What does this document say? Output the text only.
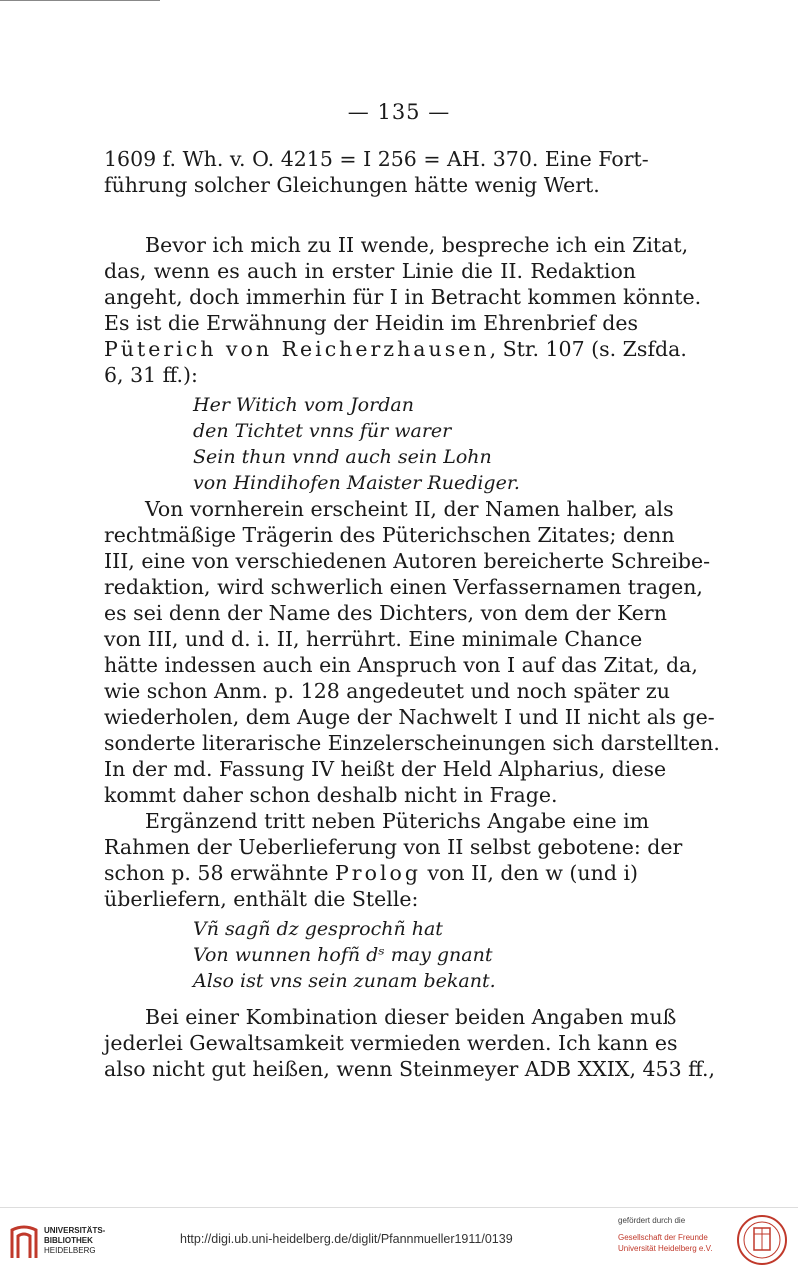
— 135 —
1609 f. Wh. v. O. 4215 = I 256 = AH. 370. Eine Fort-
führung solcher Gleichungen hätte wenig Wert.
Bevor ich mich zu II wende, bespreche ich ein Zitat,
das, wenn es auch in erster Linie die II. Redaktion
angeht, doch immerhin für I in Betracht kommen könnte.
Es ist die Erwähnung der Heidin im Ehrenbrief des
Püterich von Reicherzhausen, Str. 107 (s. Zsfda.
6, 31 ff.):
Her Witich vom Jordan
den Tichtet vnns für warer
Sein thun vnnd auch sein Lohn
von Hindihofen Maister Ruediger.
Von vornherein erscheint II, der Namen halber, als
rechtmäßige Trägerin des Püterichschen Zitates; denn
III, eine von verschiedenen Autoren bereicherte Schreibe-
redaktion, wird schwerlich einen Verfassernamen tragen,
es sei denn der Name des Dichters, von dem der Kern
von III, und d. i. II, herrührt. Eine minimale Chance
hätte indessen auch ein Anspruch von I auf das Zitat, da,
wie schon Anm. p. 128 angedeutet und noch später zu
wiederholen, dem Auge der Nachwelt I und II nicht als ge-
sonderte literarische Einzelerscheinungen sich darstellten.
In der md. Fassung IV heißt der Held Alpharius, diese
kommt daher schon deshalb nicht in Frage.
Ergänzend tritt neben Püterichs Angabe eine im
Rahmen der Ueberlieferung von II selbst gebotene: der
schon p. 58 erwähnte Prolog von II, den w (und i)
überliefern, enthält die Stelle:
Vñ sagñ dz gesprochñ hat
Von wunnen hofñ dˢ may gnant
Also ist vns sein zunam bekant.
Bei einer Kombination dieser beiden Angaben muß
jederlei Gewaltsamkeit vermieden werden. Ich kann es
also nicht gut heißen, wenn Steinmeyer ADB XXIX, 453 ff.,
UNIVERSITÄTS-
BIBLIOTHEK
HEIDELBERG
http://digi.ub.uni-heidelberg.de/diglit/Pfannmueller1911/0139
gefördert durch die
Gesellschaft der Freunde
Universität Heidelberg e.V.
